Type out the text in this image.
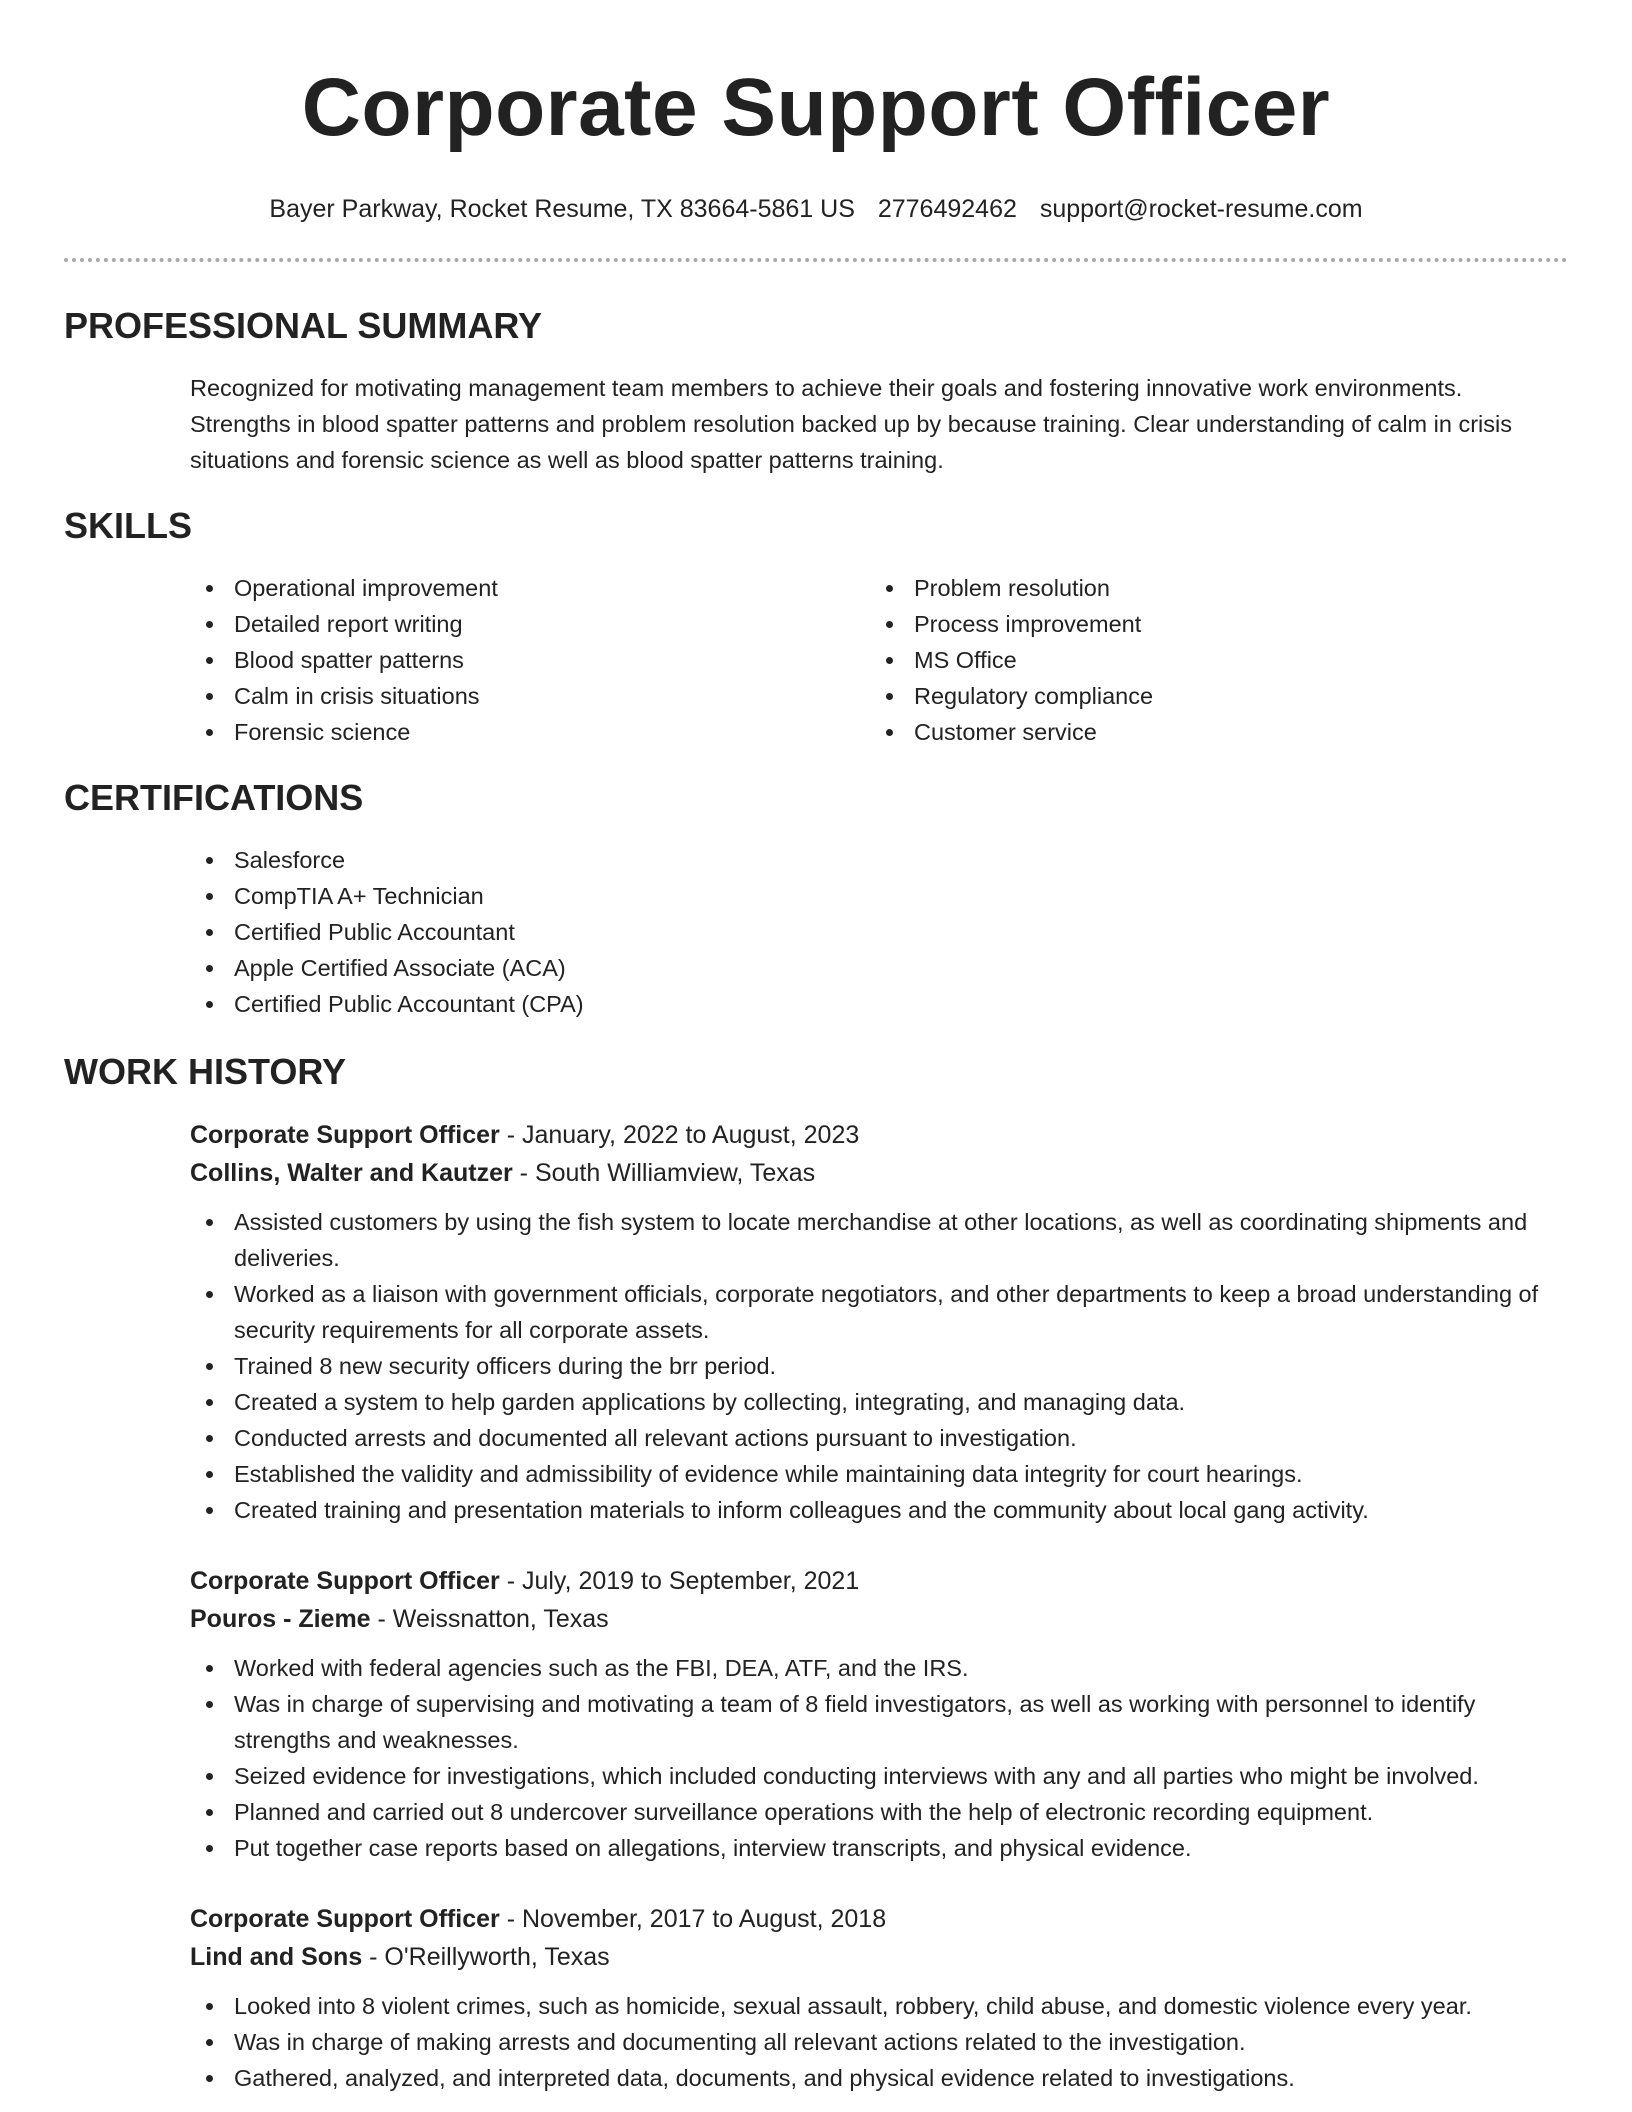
Corporate Support Officer
Bayer Parkway, Rocket Resume, TX 83664-5861 US 2776492462 support@rocket-resume.com
PROFESSIONAL SUMMARY

Recognized for motivating management team members to achieve their goals and fostering innovative work environments. Strengths in blood spatter patterns and problem resolution backed up by because training. Clear understanding of calm in crisis situations and forensic science as well as blood spatter patterns training.

SKILLS
Operational improvement
Detailed report writing
Blood spatter patterns
Calm in crisis situations
Forensic science
Problem resolution
Process improvement
MS Office
Regulatory compliance
Customer service
CERTIFICATIONS
Salesforce
CompTIA A+ Technician
Certified Public Accountant
Apple Certified Associate (ACA)
Certified Public Accountant (CPA)
WORK HISTORY
Corporate Support Officer - January, 2022 to August, 2023
Collins, Walter and Kautzer - South Williamview, Texas
Assisted customers by using the fish system to locate merchandise at other locations, as well as coordinating shipments and deliveries.
Worked as a liaison with government officials, corporate negotiators, and other departments to keep a broad understanding of security requirements for all corporate assets.
Trained 8 new security officers during the brr period.
Created a system to help garden applications by collecting, integrating, and managing data.
Conducted arrests and documented all relevant actions pursuant to investigation.
Established the validity and admissibility of evidence while maintaining data integrity for court hearings.
Created training and presentation materials to inform colleagues and the community about local gang activity.
Corporate Support Officer - July, 2019 to September, 2021
Pouros - Zieme - Weissnatton, Texas
Worked with federal agencies such as the FBI, DEA, ATF, and the IRS.
Was in charge of supervising and motivating a team of 8 field investigators, as well as working with personnel to identify strengths and weaknesses.
Seized evidence for investigations, which included conducting interviews with any and all parties who might be involved.
Planned and carried out 8 undercover surveillance operations with the help of electronic recording equipment.
Put together case reports based on allegations, interview transcripts, and physical evidence.
Corporate Support Officer - November, 2017 to August, 2018
Lind and Sons - O'Reillyworth, Texas
Looked into 8 violent crimes, such as homicide, sexual assault, robbery, child abuse, and domestic violence every year.
Was in charge of making arrests and documenting all relevant actions related to the investigation.
Gathered, analyzed, and interpreted data, documents, and physical evidence related to investigations.
